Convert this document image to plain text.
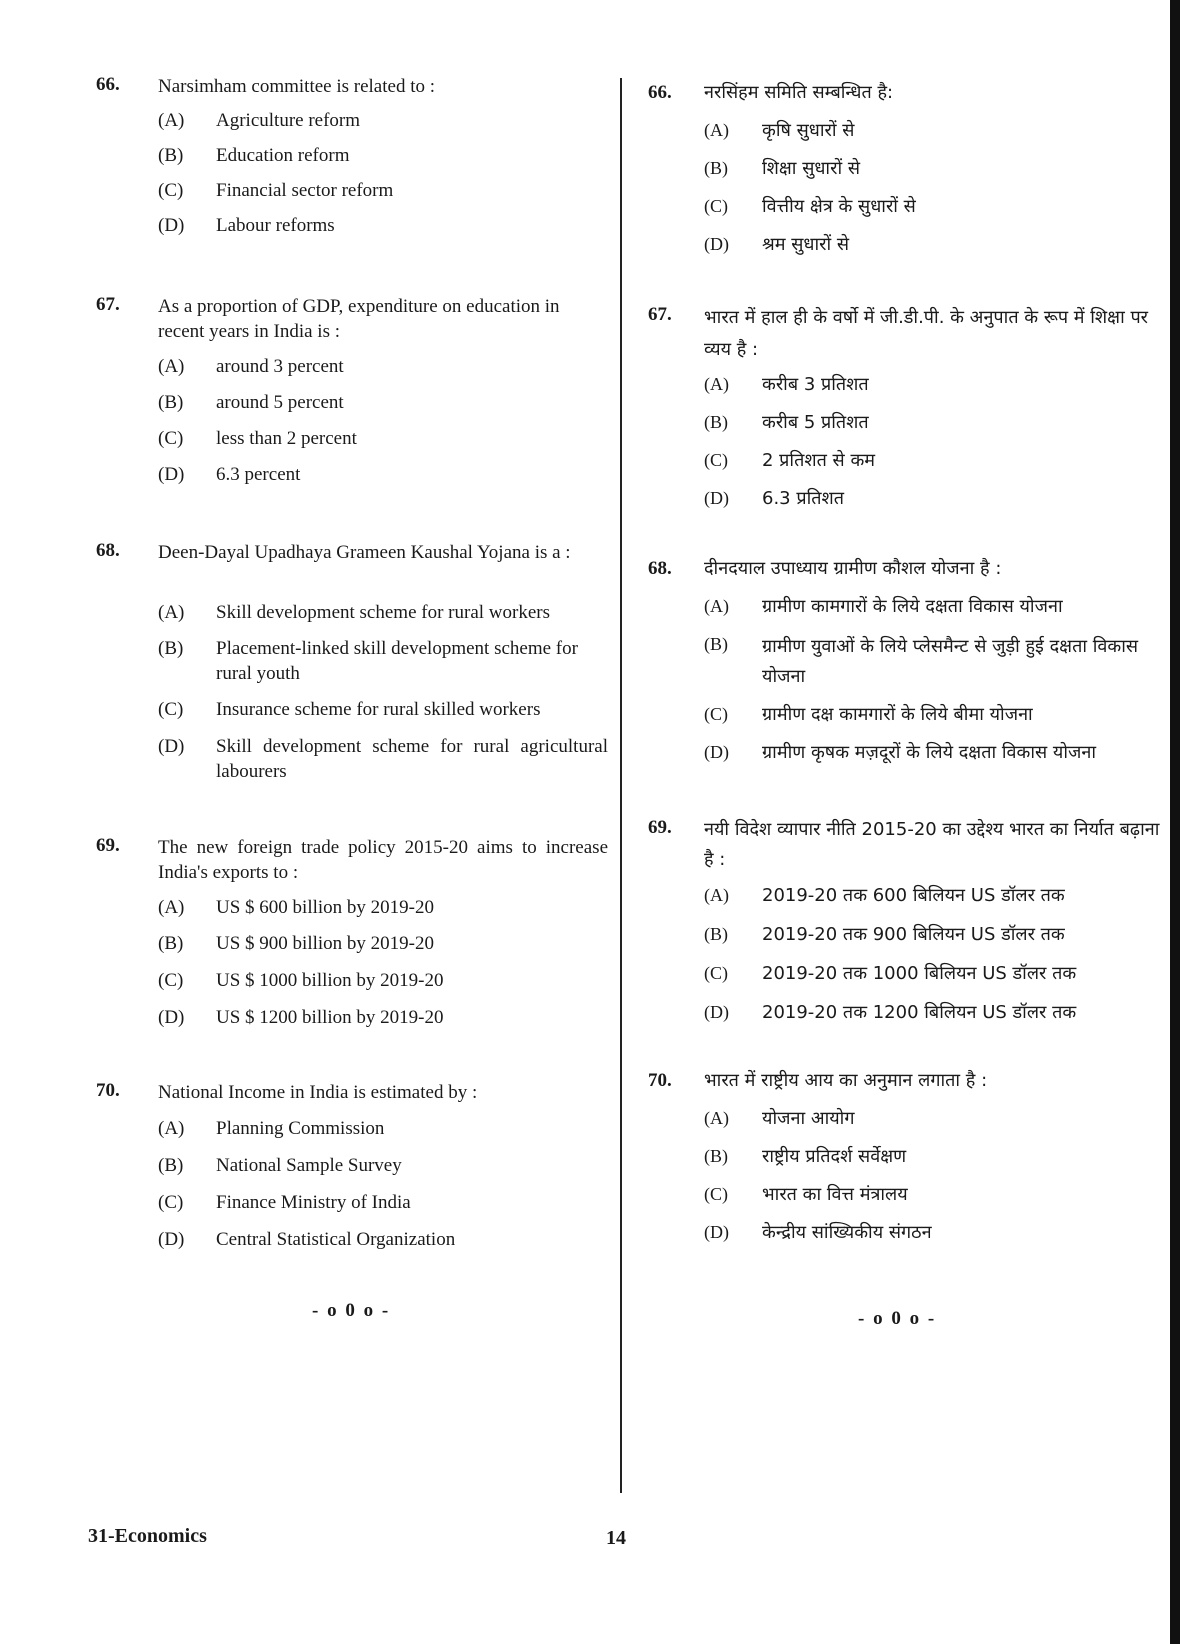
66. Narsimham committee is related to :
(A) Agriculture reform
(B) Education reform
(C) Financial sector reform
(D) Labour reforms
67. As a proportion of GDP, expenditure on education in recent years in India is :
(A) around 3 percent
(B) around 5 percent
(C) less than 2 percent
(D) 6.3 percent
68. Deen-Dayal Upadhaya Grameen Kaushal Yojana is a :
(A) Skill development scheme for rural workers
(B) Placement-linked skill development scheme for rural youth
(C) Insurance scheme for rural skilled workers
(D) Skill development scheme for rural agricultural labourers
69. The new foreign trade policy 2015-20 aims to increase India's exports to :
(A) US $ 600 billion by 2019-20
(B) US $ 900 billion by 2019-20
(C) US $ 1000 billion by 2019-20
(D) US $ 1200 billion by 2019-20
70. National Income in India is estimated by :
(A) Planning Commission
(B) National Sample Survey
(C) Finance Ministry of India
(D) Central Statistical Organization
- o 0 o -
66. नरसिंहम समिति सम्बन्धित है:
(A) कृषि सुधारों से
(B) शिक्षा सुधारों से
(C) वित्तीय क्षेत्र के सुधारों से
(D) श्रम सुधारों से
67. भारत में हाल ही के वर्षो में जी.डी.पी. के अनुपात के रूप में शिक्षा पर व्यय है :
(A) करीब 3 प्रतिशत
(B) करीब 5 प्रतिशत
(C) 2 प्रतिशत से कम
(D) 6.3 प्रतिशत
68. दीनदयाल उपाध्याय ग्रामीण कौशल योजना है :
(A) ग्रामीण कामगारों के लिये दक्षता विकास योजना
(B) ग्रामीण युवाओं के लिये प्लेसमैन्ट से जुड़ी हुई दक्षता विकास योजना
(C) ग्रामीण दक्ष कामगारों के लिये बीमा योजना
(D) ग्रामीण कृषक मज़दूरों के लिये दक्षता विकास योजना
69. नयी विदेश व्यापार नीति 2015-20 का उद्देश्य भारत का निर्यात बढ़ाना है :
(A) 2019-20 तक 600 बिलियन US डॉलर तक
(B) 2019-20 तक 900 बिलियन US डॉलर तक
(C) 2019-20 तक 1000 बिलियन US डॉलर तक
(D) 2019-20 तक 1200 बिलियन US डॉलर तक
70. भारत में राष्ट्रीय आय का अनुमान लगाता है :
(A) योजना आयोग
(B) राष्ट्रीय प्रतिदर्श सर्वेक्षण
(C) भारत का वित्त मंत्रालय
(D) केन्द्रीय सांख्यिकीय संगठन
- o 0 o -
31-Economics	14
